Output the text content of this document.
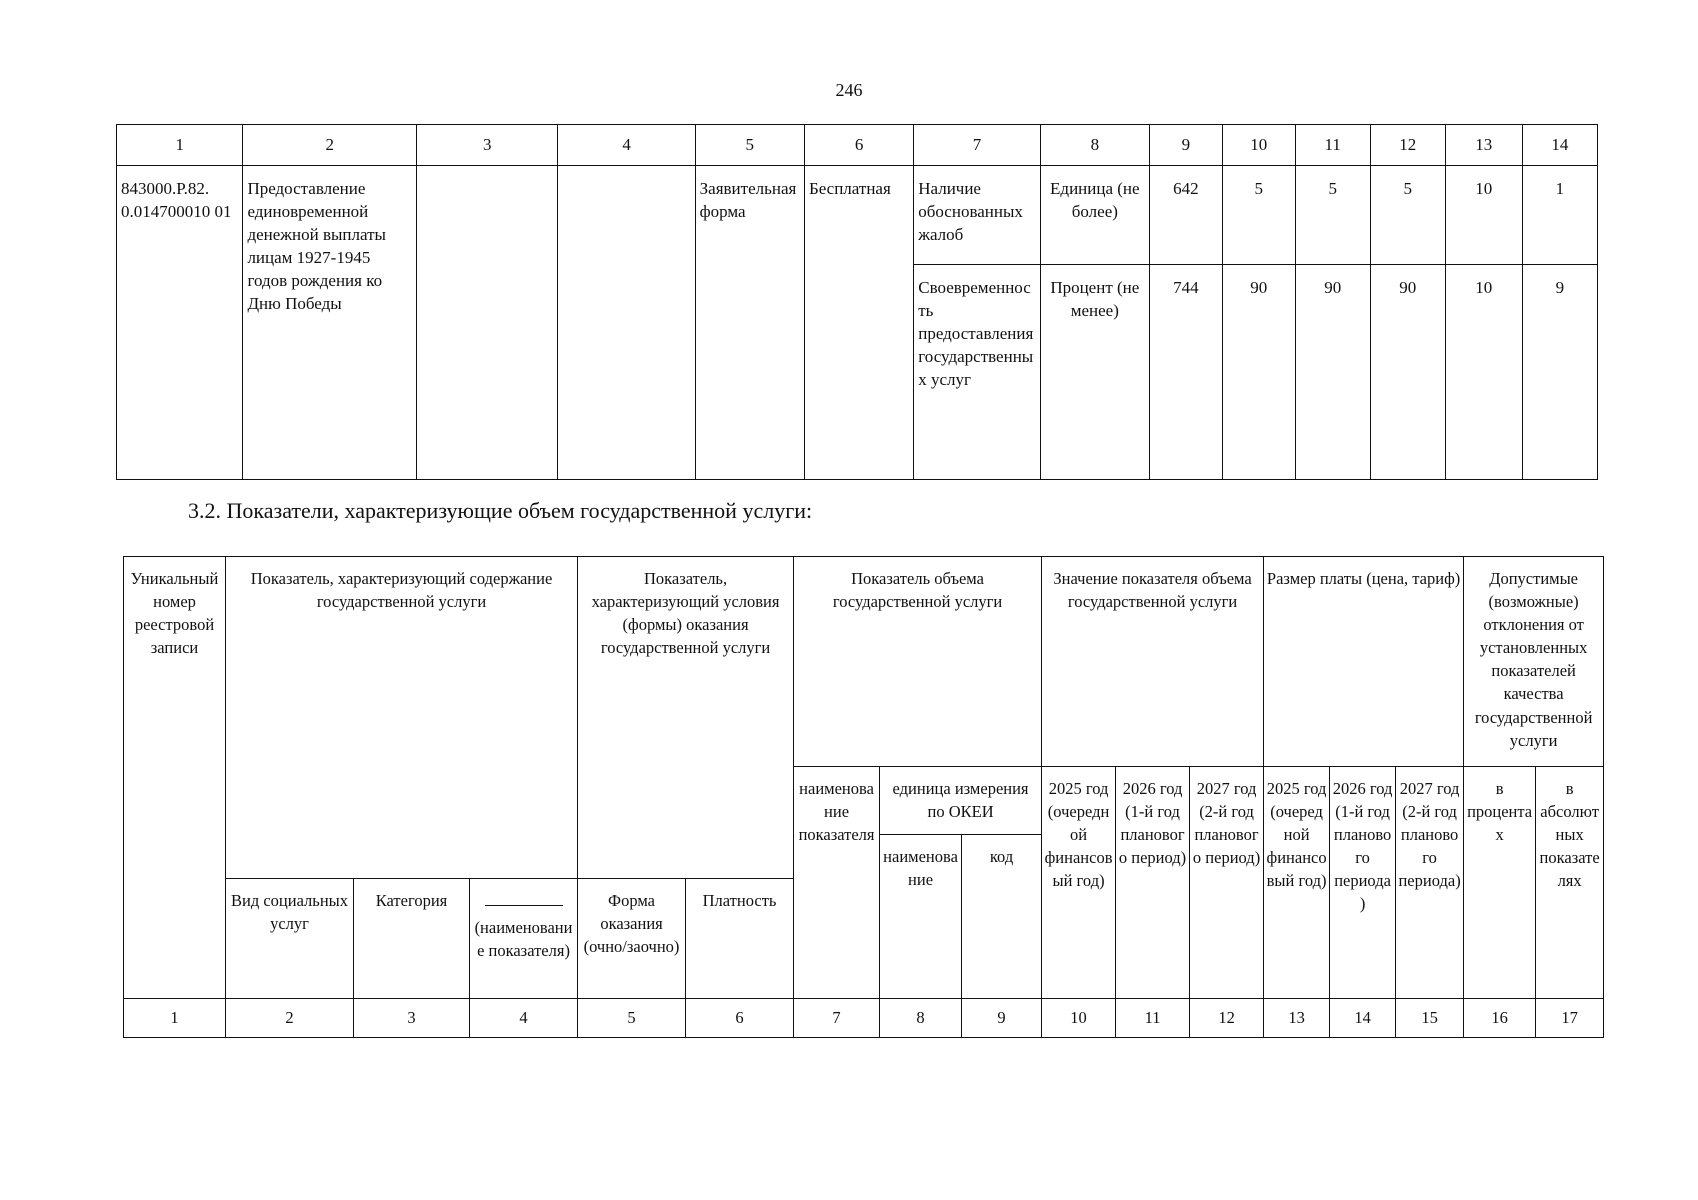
246
1	2	3	4	5	6	7	8	9	10	11	12	13	14
843000.Р.82. 0.014700010 01	Предоставление единовременной денежной выплаты лицам 1927-1945 годов рождения ко Дню Победы			Заявительная форма	Бесплатная	Наличие обоснованных жалоб	Единица (не более)	642	5	5	5	10	1
						Своевременность предоставления государственных услуг	Процент (не менее)	744	90	90	90	10	9
3.2. Показатели, характеризующие объем государственной услуги:
Уникальный номер реестровой записи	Показатель, характеризующий содержание государственной услуги			Показатель, характеризующий условия (формы) оказания государственной услуги		Показатель объема государственной услуги			Значение показателя объема государственной услуги			Размер платы (цена, тариф)			Допустимые (возможные) отклонения от установленных показателей качества государственной услуги	
						наименование показателя	единица измерения по ОКЕИ		2025 год (очередной финансовый год)	2026 год (1-й год планового период)	2027 год (2-й год планового период)	2025 год (очередной финансовый год)	2026 год (1-й год планового периода)	2027 год (2-й год планового периода)	в процентах	в абсолютных показателях
							наименование	код								
	Вид социальных услуг	Категория	(наименование показателя)	Форма оказания (очно/заочно)	Платность											
1	2	3	4	5	6	7	8	9	10	11	12	13	14	15	16	17
